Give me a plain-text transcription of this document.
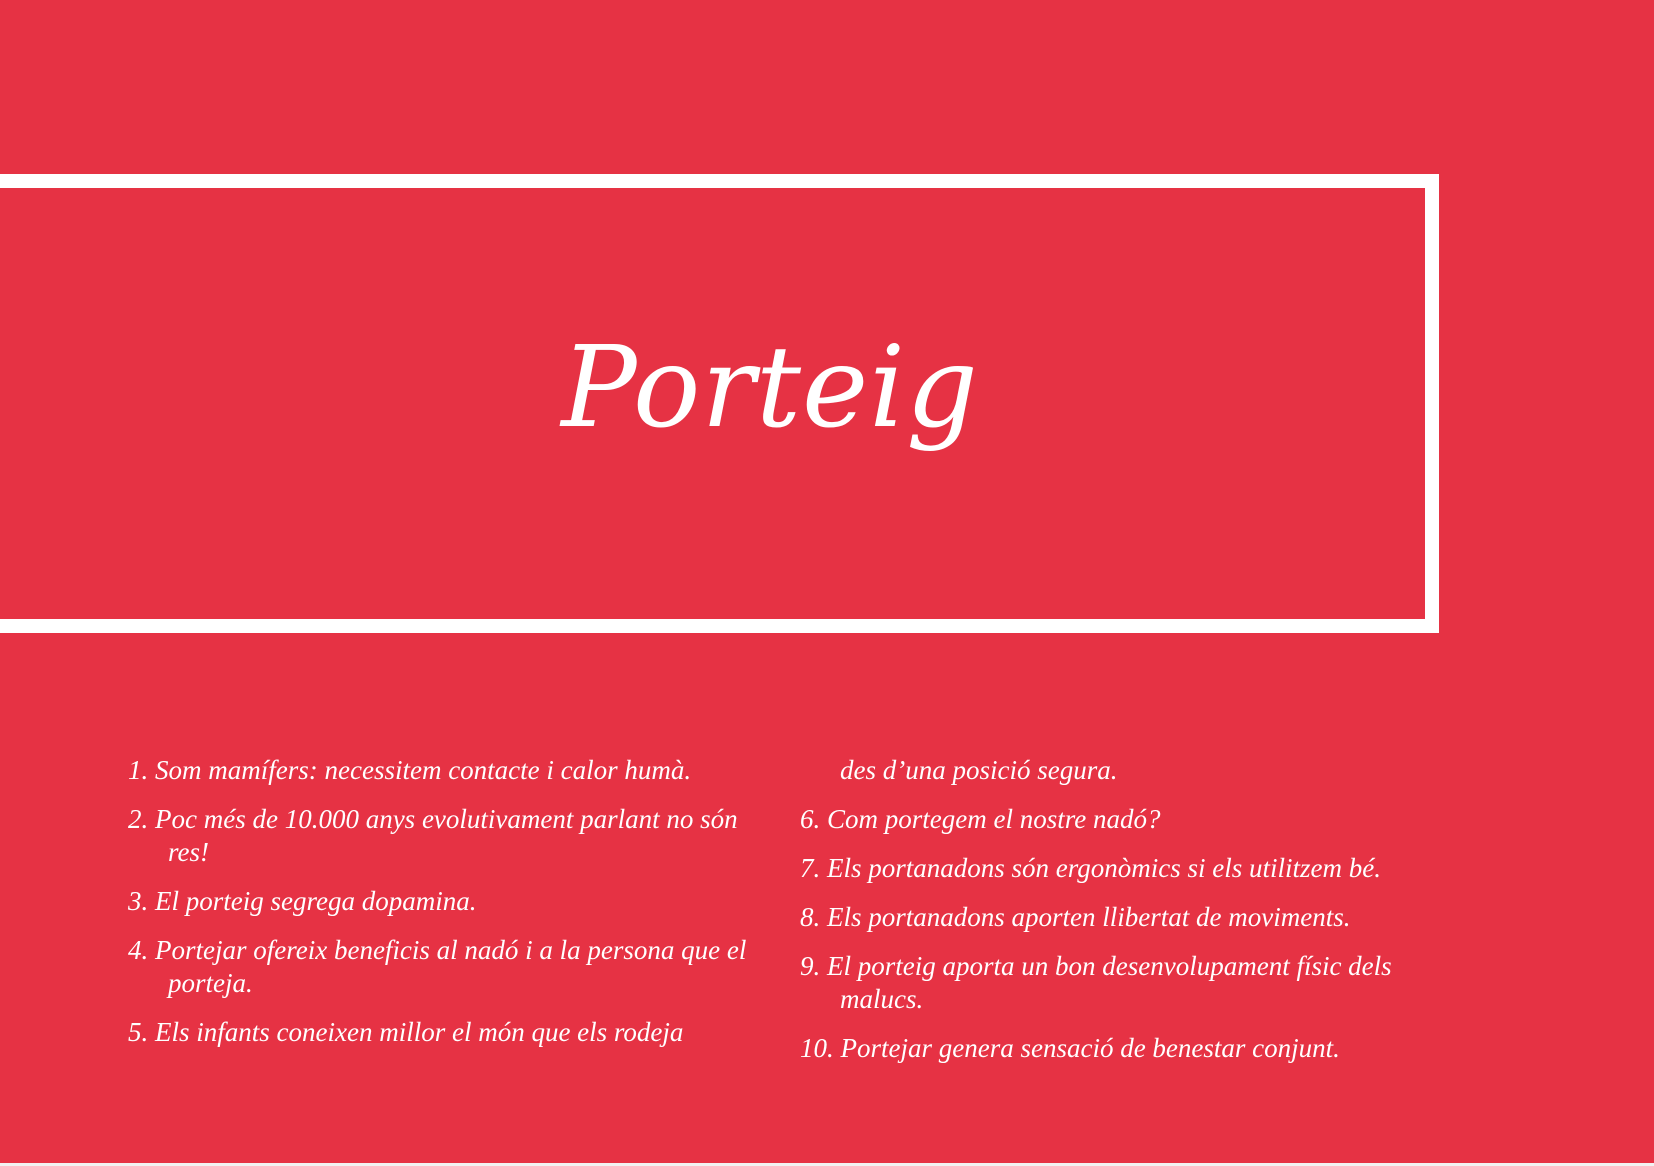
Porteig
1. Som mamífers: necessitem contacte i calor humà.
2. Poc més de 10.000 anys evolutivament parlant no són res!
3. El porteig segrega dopamina.
4. Portejar ofereix beneficis al nadó i a la persona que el porteja.
5. Els infants coneixen millor el món que els rodeja
des d’una posició segura.
6. Com portegem el nostre nadó?
7. Els portanadons són ergonòmics si els utilitzem bé.
8. Els portanadons aporten llibertat de moviments.
9. El porteig aporta un bon desenvolupament físic dels malucs.
10. Portejar genera sensació de benestar conjunt.
